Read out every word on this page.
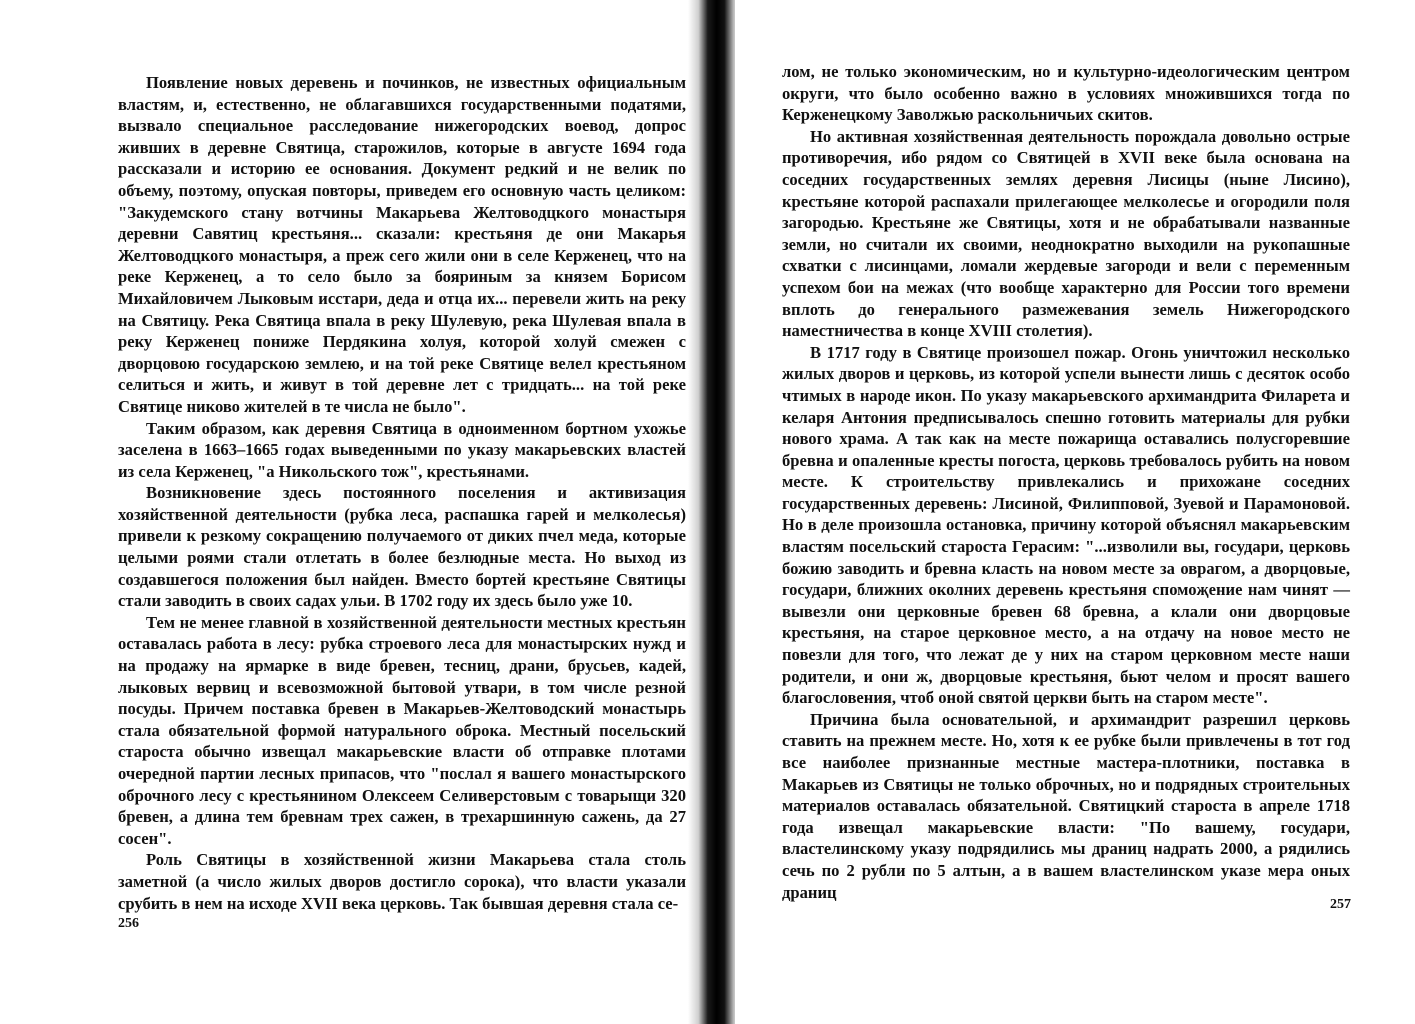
Появление новых деревень и починков, не известных официальным властям, и, естественно, не облагавшихся государственными податями, вызвало специальное расследование нижегородских воевод, допрос живших в деревне Святица, старожилов, которые в августе 1694 года рассказали и историю ее основания. Документ редкий и не велик по объему, поэтому, опуская повторы, приведем его основную часть целиком: "Закудемского стану вотчины Макарьева Желтоводцкого монастыря деревни Савятиц крестьяня... сказали: крестьяня де они Макарья Желтоводцкого монастыря, а преж сего жили они в селе Керженец, что на реке Керженец, а то село было за бояриным за князем Борисом Михайловичем Лыковым исстари, деда и отца их... перевели жить на реку на Святицу. Река Святица впала в реку Шулевую, река Шулевая впала в реку Керженец пониже Пердякина холуя, которой холуй смежен с дворцовою государскою землею, и на той реке Святице велел крестьяном селиться и жить, и живут в той деревне лет с тридцать... на той реке Святице никово жителей в те числа не было".

Таким образом, как деревня Святица в одноименном бортном ухожье заселена в 1663–1665 годах выведенными по указу макарьевских властей из села Керженец, "а Никольского тож", крестьянами.

Возникновение здесь постоянного поселения и активизация хозяйственной деятельности (рубка леса, распашка гарей и мелколесья) привели к резкому сокращению получаемого от диких пчел меда, которые целыми роями стали отлетать в более безлюдные места. Но выход из создавшегося положения был найден. Вместо бортей крестьяне Святицы стали заводить в своих садах ульи. В 1702 году их здесь было уже 10.

Тем не менее главной в хозяйственной деятельности местных крестьян оставалась работа в лесу: рубка строевого леса для монастырских нужд и на продажу на ярмарке в виде бревен, тесниц, драни, брусьев, кадей, лыковых вервиц и всевозможной бытовой утвари, в том числе резной посуды. Причем поставка бревен в Макарьев-Желтоводский монастырь стала обязательной формой натурального оброка. Местный посельский староста обычно извещал макарьевские власти об отправке плотами очередной партии лесных припасов, что "послал я вашего монастырского оброчного лесу с крестьянином Олексеем Селиверстовым с товарыщи 320 бревен, а длина тем бревнам трех сажен, в трехаршинную сажень, да 27 сосен".

Роль Святицы в хозяйственной жизни Макарьева стала столь заметной (а число жилых дворов достигло сорока), что власти указали срубить в нем на исходе XVII века церковь. Так бывшая деревня стала се-

256

лом, не только экономическим, но и культурно-идеологическим центром округи, что было особенно важно в условиях множившихся тогда по Керженецкому Заволжью раскольничьих скитов.

Но активная хозяйственная деятельность порождала довольно острые противоречия, ибо рядом со Святицей в XVII веке была основана на соседних государственных землях деревня Лисицы (ныне Лисино), крестьяне которой распахали прилегающее мелколесье и огородили поля загородью. Крестьяне же Святицы, хотя и не обрабатывали названные земли, но считали их своими, неоднократно выходили на рукопашные схватки с лисинцами, ломали жердевые загороди и вели с переменным успехом бои на межах (что вообще характерно для России того времени вплоть до генерального размежевания земель Нижегородского наместничества в конце XVIII столетия).

В 1717 году в Святице произошел пожар. Огонь уничтожил несколько жилых дворов и церковь, из которой успели вынести лишь с десяток особо чтимых в народе икон. По указу макарьевского архимандрита Филарета и келаря Антония предписывалось спешно готовить материалы для рубки нового храма. А так как на месте пожарища оставались полусгоревшие бревна и опаленные кресты погоста, церковь требовалось рубить на новом месте. К строительству привлекались и прихожане соседних государственных деревень: Лисиной, Филипповой, Зуевой и Парамоновой. Но в деле произошла остановка, причину которой объяснял макарьевским властям посельский староста Герасим: "...изволили вы, государи, церковь божию заводить и бревна класть на новом месте за оврагом, а дворцовые, государи, ближних околних деревень крестьяня спомоҗение нам чинят — вывезли они церковные бревен 68 бревна, а клали они дворцовые крестьяня, на старое церковное место, а на отдачу на новое место не повезли для того, что лежат де у них на старом церковном месте наши родители, и они ж, дворцовые крестьяня, бьют челом и просят вашего благословения, чтоб оной святой церкви быть на старом месте".

Причина была основательной, и архимандрит разрешил церковь ставить на прежнем месте. Но, хотя к ее рубке были привлечены в тот год все наиболее признанные местные мастера-плотники, поставка в Макарьев из Святицы не только оброчных, но и подрядных строительных материалов оставалась обязательной. Святицкий староста в апреле 1718 года извещал макарьевские власти: "По вашему, государи, властелинскому указу подрядились мы драниц надрать 2000, а рядились сечь по 2 рубли по 5 алтын, а в вашем властелинском указе мера оных драниц

257
